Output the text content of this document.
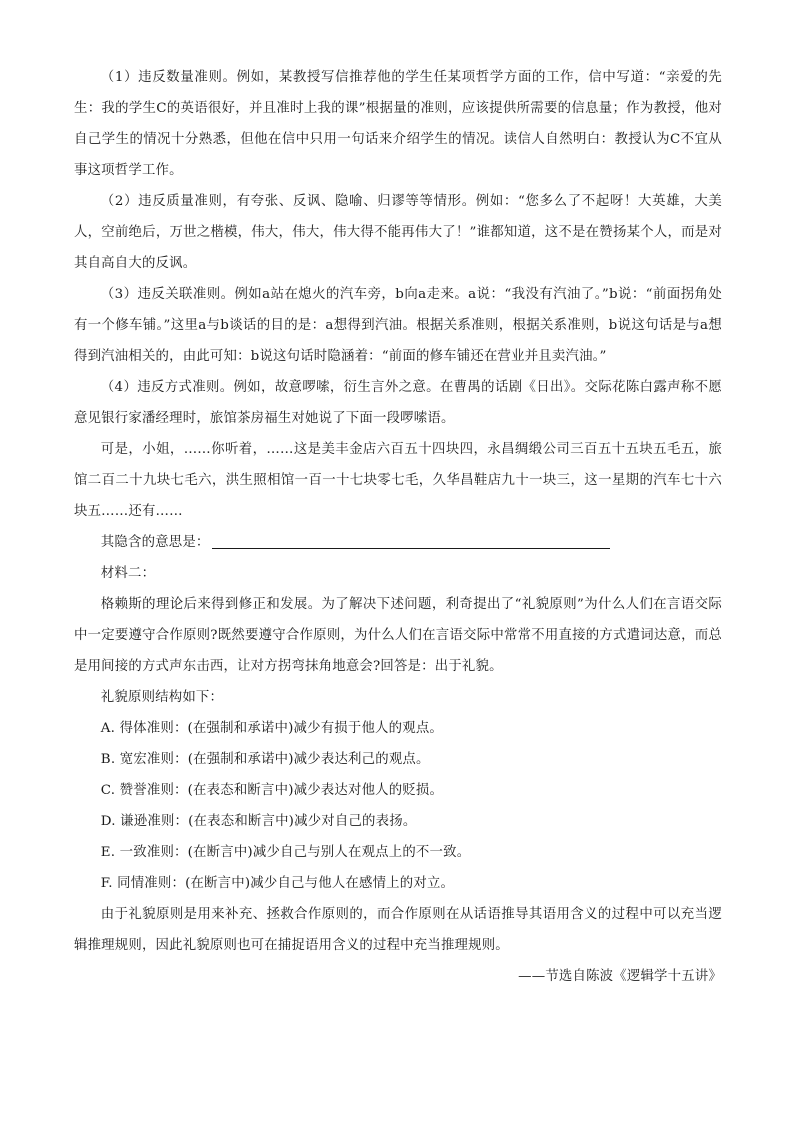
（1）违反数量准则。例如，某教授写信推荐他的学生任某项哲学方面的工作，信中写道：“亲爱的先生：我的学生C的英语很好，并且准时上我的课”根据量的准则，应该提供所需要的信息量；作为教授，他对自己学生的情况十分熟悉，但他在信中只用一句话来介绍学生的情况。读信人自然明白：教授认为C不宜从事这项哲学工作。

（2）违反质量准则，有夸张、反讽、隐喻、归谬等等情形。例如：“您多么了不起呀！大英雄，大美人，空前绝后，万世之楷模，伟大，伟大，伟大得不能再伟大了！”谁都知道，这不是在赞扬某个人，而是对其自高自大的反讽。

（3）违反关联准则。例如a站在熄火的汽车旁，b向a走来。a说：“我没有汽油了。”b说：“前面拐角处有一个修车铺。”这里a与b谈话的目的是：a想得到汽油。根据关系准则，根据关系准则，b说这句话是与a想得到汽油相关的，由此可知：b说这句话时隐涵着：“前面的修车铺还在营业并且卖汽油。”

（4）违反方式准则。例如，故意啰嗦，衍生言外之意。在曹禺的话剧《日出》。交际花陈白露声称不愿意见银行家潘经理时，旅馆茶房福生对她说了下面一段啰嗦语。

可是，小姐，……你听着，……这是美丰金店六百五十四块四，永昌绸缎公司三百五十五块五毛五，旅馆二百二十九块七毛六，洪生照相馆一百一十七块零七毛，久华昌鞋店九十一块三，这一星期的汽车七十六块五……还有……

其隐含的意思是：

材料二：

格赖斯的理论后来得到修正和发展。为了解决下述问题，利奇提出了“礼貌原则”为什么人们在言语交际中一定要遵守合作原则?既然要遵守合作原则，为什么人们在言语交际中常常不用直接的方式遣词达意，而总是用间接的方式声东击西，让对方拐弯抹角地意会?回答是：出于礼貌。

礼貌原则结构如下：

A. 得体准则：(在强制和承诺中)减少有损于他人的观点。

B. 宽宏准则：(在强制和承诺中)减少表达利己的观点。

C. 赞誉准则：(在表态和断言中)减少表达对他人的贬损。

D. 谦逊准则：(在表态和断言中)减少对自己的表扬。

E. 一致准则：(在断言中)减少自己与别人在观点上的不一致。

F. 同情准则：(在断言中)减少自己与他人在感情上的对立。

由于礼貌原则是用来补充、拯救合作原则的，而合作原则在从话语推导其语用含义的过程中可以充当逻辑推理规则，因此礼貌原则也可在捕捉语用含义的过程中充当推理规则。

——节选自陈波《逻辑学十五讲》
